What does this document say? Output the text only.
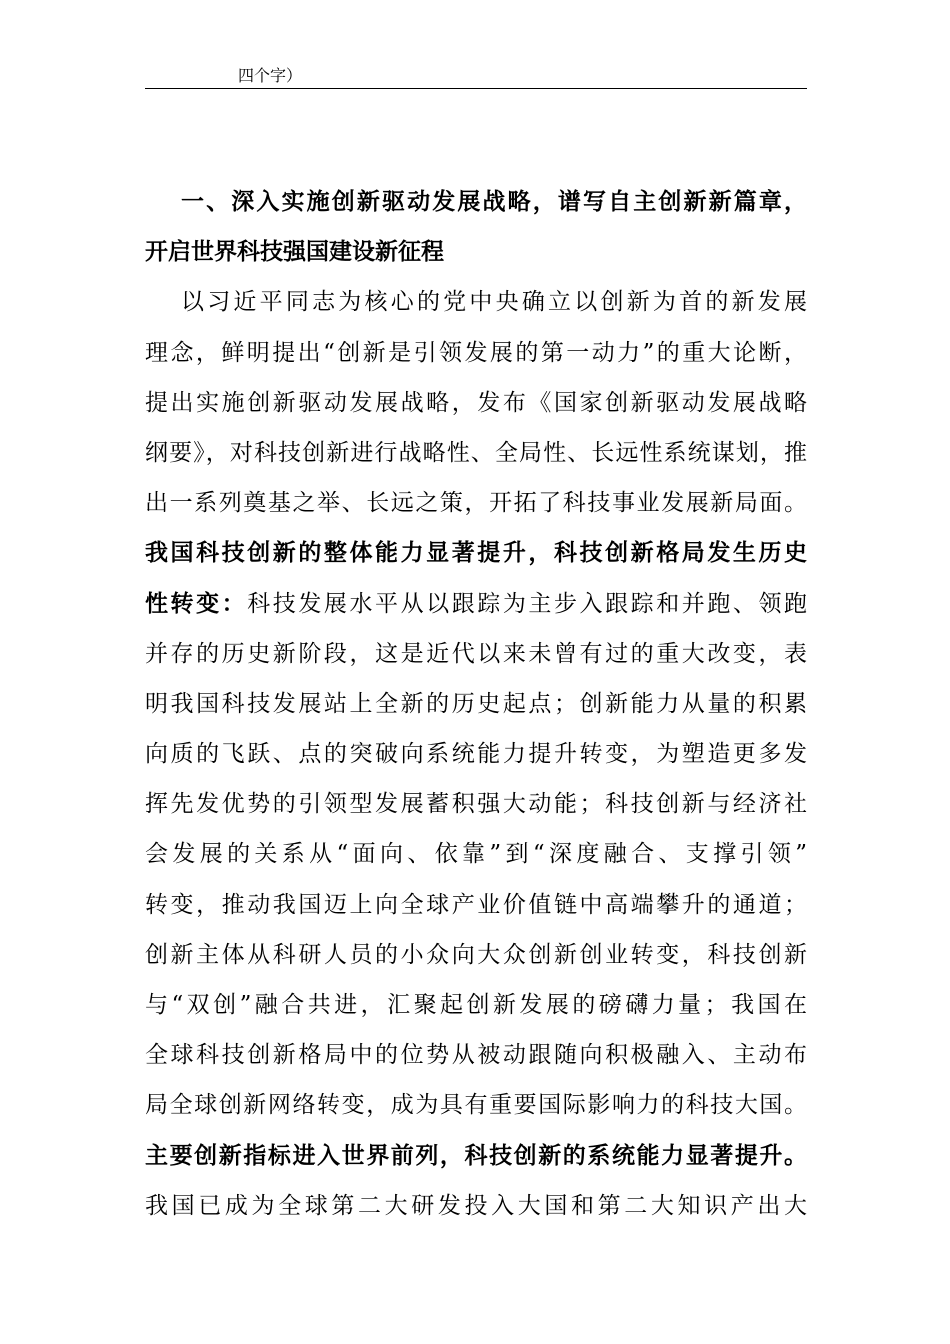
四个字）
一、深入实施创新驱动发展战略，谱写自主创新新篇章，
开启世界科技强国建设新征程
以习近平同志为核心的党中央确立以创新为首的新发展
理念，鲜明提出“创新是引领发展的第一动力”的重大论断，
提出实施创新驱动发展战略，发布《国家创新驱动发展战略
纲要》，对科技创新进行战略性、全局性、长远性系统谋划，推
出一系列奠基之举、长远之策，开拓了科技事业发展新局面。
我国科技创新的整体能力显著提升，科技创新格局发生历史
性转变：科技发展水平从以跟踪为主步入跟踪和并跑、领跑
并存的历史新阶段，这是近代以来未曾有过的重大改变，表
明我国科技发展站上全新的历史起点；创新能力从量的积累
向质的飞跃、点的突破向系统能力提升转变，为塑造更多发
挥先发优势的引领型发展蓄积强大动能；科技创新与经济社
会发展的关系从“面向、依靠”到“深度融合、支撑引领”
转变，推动我国迈上向全球产业价值链中高端攀升的通道；
创新主体从科研人员的小众向大众创新创业转变，科技创新
与“双创”融合共进，汇聚起创新发展的磅礴力量；我国在
全球科技创新格局中的位势从被动跟随向积极融入、主动布
局全球创新网络转变，成为具有重要国际影响力的科技大国。
主要创新指标进入世界前列，科技创新的系统能力显著提升。
我国已成为全球第二大研发投入大国和第二大知识产出大
